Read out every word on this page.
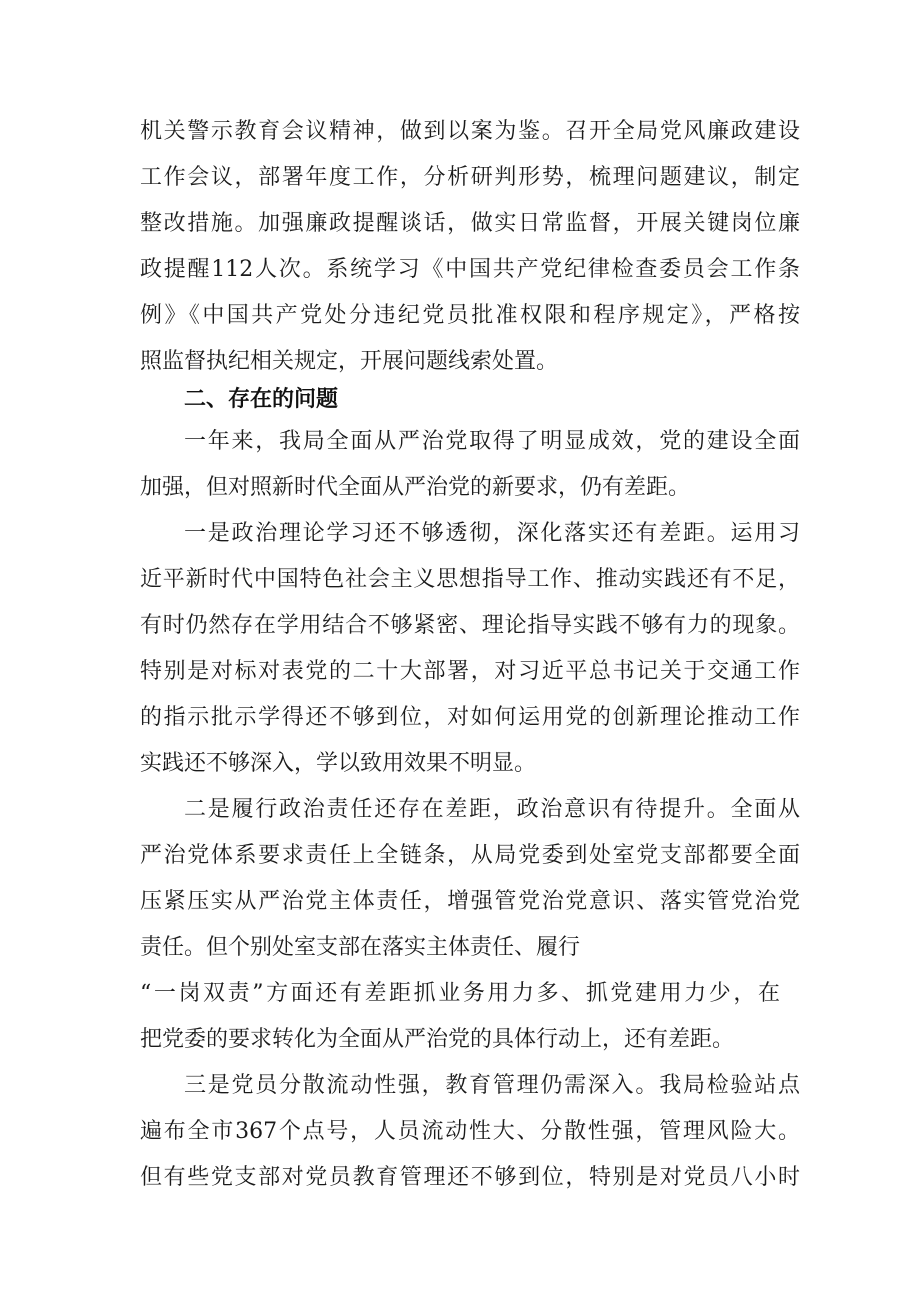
机关警示教育会议精神，做到以案为鉴。召开全局党风廉政建设

工作会议，部署年度工作，分析研判形势，梳理问题建议，制定

整改措施。加强廉政提醒谈话，做实日常监督，开展关键岗位廉

政提醒112人次。系统学习《中国共产党纪律检查委员会工作条

例》《中国共产党处分违纪党员批准权限和程序规定》，严格按

照监督执纪相关规定，开展问题线索处置。

二、存在的问题

一年来，我局全面从严治党取得了明显成效，党的建设全面

加强，但对照新时代全面从严治党的新要求，仍有差距。

一是政治理论学习还不够透彻，深化落实还有差距。运用习

近平新时代中国特色社会主义思想指导工作、推动实践还有不足，

有时仍然存在学用结合不够紧密、理论指导实践不够有力的现象。

特别是对标对表党的二十大部署，对习近平总书记关于交通工作

的指示批示学得还不够到位，对如何运用党的创新理论推动工作

实践还不够深入，学以致用效果不明显。

二是履行政治责任还存在差距，政治意识有待提升。全面从

严治党体系要求责任上全链条，从局党委到处室党支部都要全面

压紧压实从严治党主体责任，增强管党治党意识、落实管党治党

责任。但个别处室支部在落实主体责任、履行

“一岗双责”方面还有差距抓业务用力多、抓党建用力少，在

把党委的要求转化为全面从严治党的具体行动上，还有差距。

三是党员分散流动性强，教育管理仍需深入。我局检验站点

遍布全市367个点号，人员流动性大、分散性强，管理风险大。

但有些党支部对党员教育管理还不够到位，特别是对党员八小时
